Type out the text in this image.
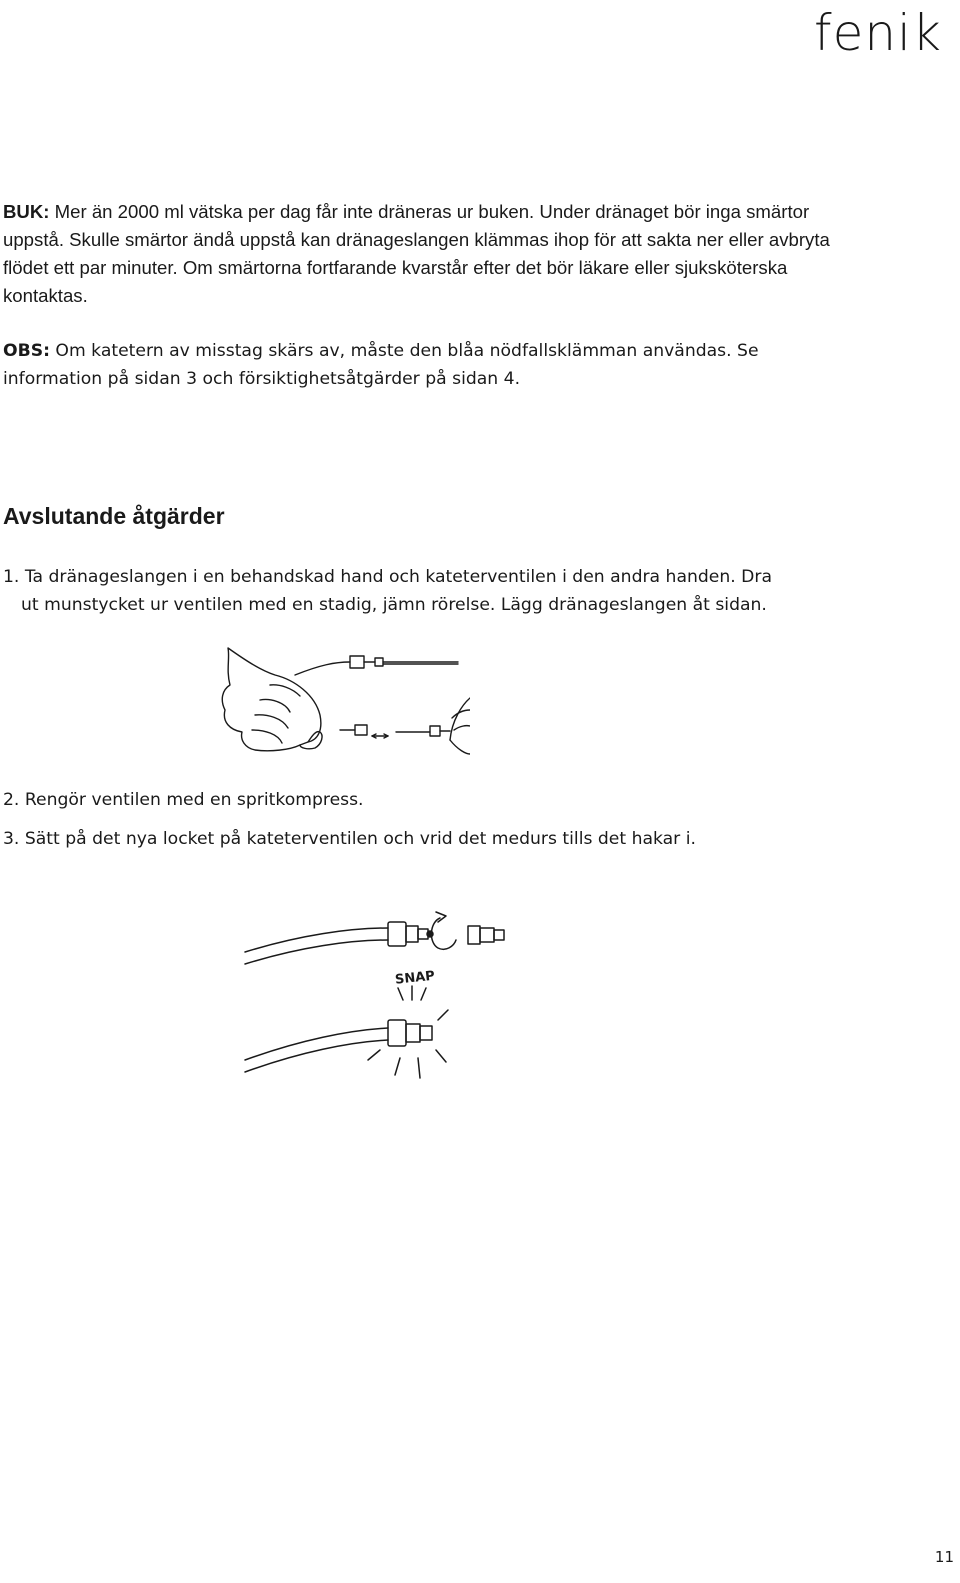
fenik

BUK: Mer än 2000 ml vätska per dag får inte dräneras ur buken. Under dränaget bör inga smärtor uppstå. Skulle smärtor ändå uppstå kan dränageslangen klämmas ihop för att sakta ner eller avbryta flödet ett par minuter. Om smärtorna fortfarande kvarstår efter det bör läkare eller sjuksköterska kontaktas.

OBS: Om katetern av misstag skärs av, måste den blåa nödfallsklämman användas. Se information på sidan 3 och försiktighetsåtgärder på sidan 4.

Avslutande åtgärder

1. Ta dränageslangen i en behandskad hand och kateterventilen i den andra handen. Dra
ut munstycket ur ventilen med en stadig, jämn rörelse. Lägg dränageslangen åt sidan.

2. Rengör ventilen med en spritkompress.

3. Sätt på det nya locket på kateterventilen och vrid det medurs tills det hakar i.

SNAP

11
